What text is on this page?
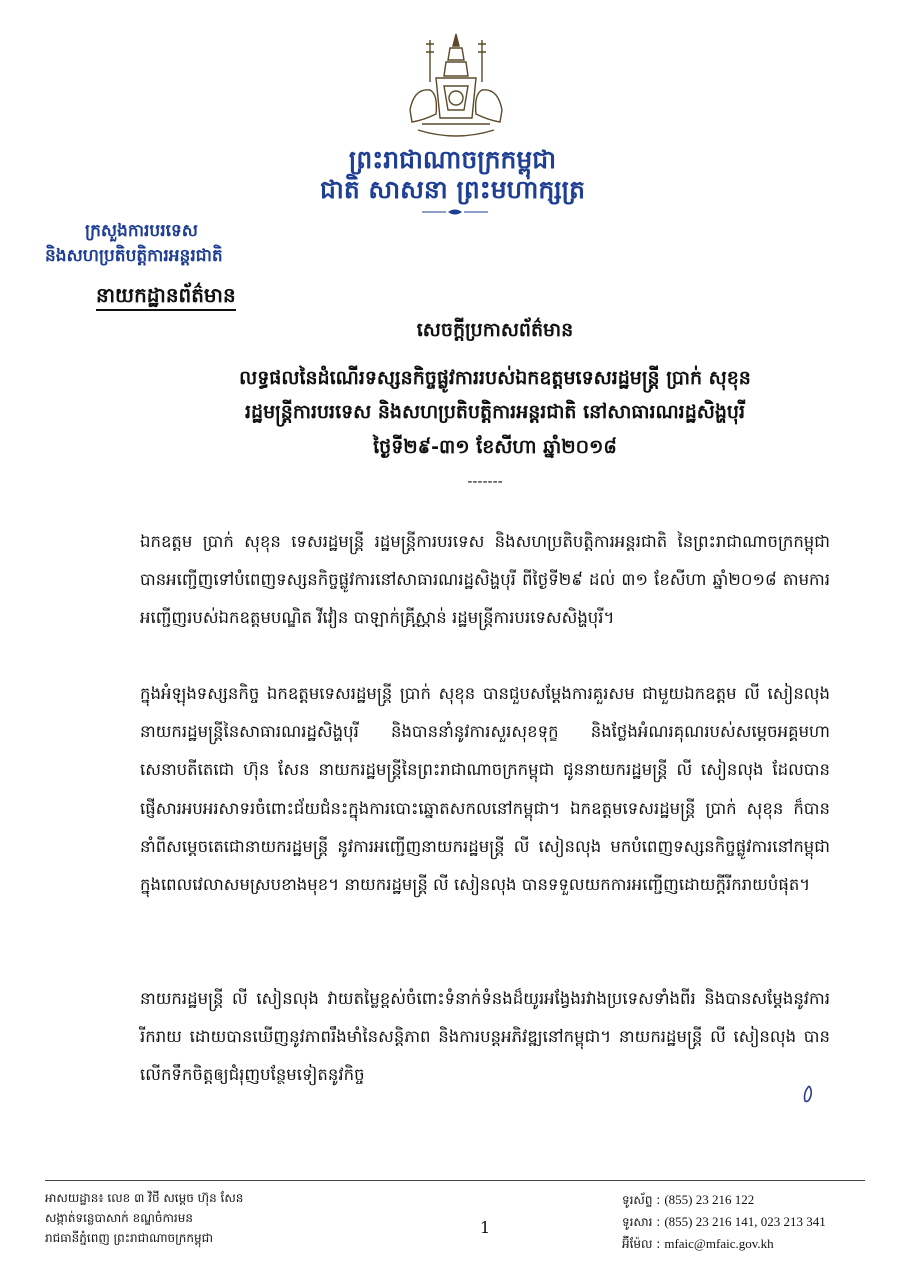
ព្រះរាជាណាចក្រកម្ពុជា
ជាតិ សាសនា ព្រះមហាក្សត្រ
ក្រសួងការបរទេស
និងសហប្រតិបត្តិការអន្តរជាតិ
នាយកដ្ឋានព័ត៌មាន
សេចក្តីប្រកាសព័ត៌មាន
លទ្ធផលនៃដំណើរទស្សនកិច្ចផ្លូវការរបស់ឯកឧត្តមទេសរដ្ឋមន្ត្រី ប្រាក់ សុខុន
រដ្ឋមន្ត្រីការបរទេស និងសហប្រតិបត្តិការអន្តរជាតិ នៅសាធារណរដ្ឋសិង្ហបុរី
ថ្ងៃទី២៩-៣១ ខែសីហា ឆ្នាំ២០១៨
-------

ឯកឧត្តម ប្រាក់ សុខុន ទេសរដ្ឋមន្ត្រី រដ្ឋមន្ត្រីការបរទេស និងសហប្រតិបត្តិការអន្តរជាតិ នៃព្រះរាជាណាចក្រកម្ពុជា បានអញ្ជើញទៅបំពេញទស្សនកិច្ចផ្លូវការនៅសាធារណរដ្ឋសិង្ហបុរី ពីថ្ងៃទី២៩ ដល់ ៣១ ខែសីហា ឆ្នាំ២០១៨ តាមការអញ្ជើញរបស់ឯកឧត្តមបណ្ឌិត វីវៀន បាឡាក់គ្រីស្ណាន់ រដ្ឋមន្ត្រីការបរទេសសិង្ហបុរី។

ក្នុងអំឡុងទស្សនកិច្ច ឯកឧត្តមទេសរដ្ឋមន្ត្រី ប្រាក់ សុខុន បានជួបសម្តែងការគួរសម ជាមួយឯកឧត្តម លី សៀនលុង នាយករដ្ឋមន្ត្រីនៃសាធារណរដ្ឋសិង្ហបុរី និងបាននាំនូវការសួរសុខទុក្ខ និងថ្លែងអំណរគុណរបស់សម្តេចអគ្គមហាសេនាបតីតេជោ ហ៊ុន សែន នាយករដ្ឋមន្ត្រីនៃព្រះរាជាណាចក្រកម្ពុជា ជូននាយករដ្ឋមន្ត្រី លី សៀនលុង ដែលបានផ្ញើសារអបអរសាទរចំពោះជ័យជំនះក្នុងការបោះឆ្នោតសកលនៅកម្ពុជា។ ឯកឧត្តមទេសរដ្ឋមន្ត្រី ប្រាក់ សុខុន ក៏បាននាំពីសម្តេចតេជោនាយករដ្ឋមន្ត្រី នូវការអញ្ជើញនាយករដ្ឋមន្ត្រី លី សៀនលុង មកបំពេញទស្សនកិច្ចផ្លូវការនៅកម្ពុជាក្នុងពេលវេលាសមស្របខាងមុខ។ នាយករដ្ឋមន្ត្រី លី សៀនលុង បានទទួលយកការអញ្ជើញដោយក្តីរីករាយបំផុត។

នាយករដ្ឋមន្ត្រី លី សៀនលុង វាយតម្លៃខ្ពស់ចំពោះទំនាក់ទំនងដ៏យូរអង្វែងរវាងប្រទេសទាំងពីរ និងបានសម្តែងនូវការរីករាយ ដោយបានឃើញនូវភាពរឹងមាំនៃសន្តិភាព និងការបន្តអភិវឌ្ឍនៅកម្ពុជា។ នាយករដ្ឋមន្ត្រី លី សៀនលុង បានលើកទឹកចិត្តឲ្យជំរុញបន្ថែមទៀតនូវកិច្ច

អាសយដ្ឋាន៖ លេខ ៣ វិថី សម្តេច ហ៊ុន សែន
សង្កាត់ទន្លេបាសាក់ ខណ្ឌចំការមន
រាជធានីភ្នំពេញ ព្រះរាជាណាចក្រកម្ពុជា
1
ទូរស័ព្ទ : (855) 23 216 122
ទូរសារ : (855) 23 216 141, 023 213 341
អ៊ីម៉ែល : mfaic@mfaic.gov.kh
